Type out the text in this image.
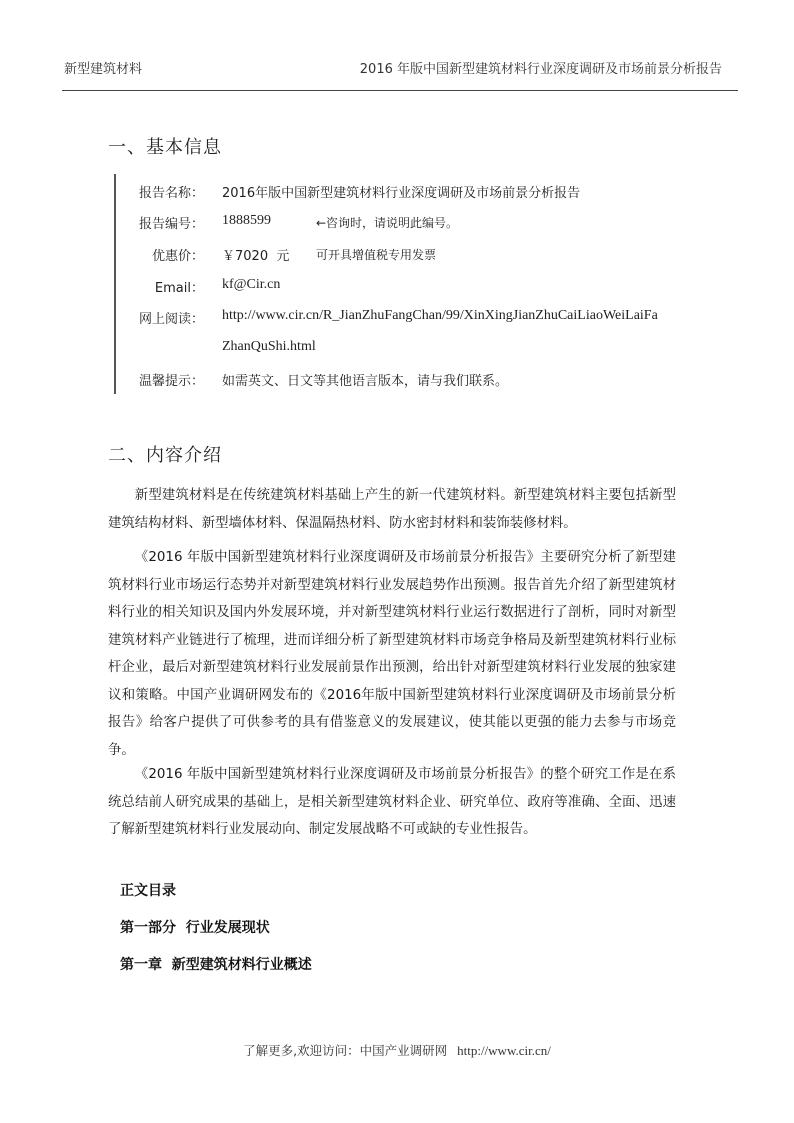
新型建筑材料	2016 年版中国新型建筑材料行业深度调研及市场前景分析报告
一、基本信息
报告名称： 2016年版中国新型建筑材料行业深度调研及市场前景分析报告
报告编号： 1888599	←咨询时，请说明此编号。
优惠价： ￥7020  元 可开具增值税专用发票
Email： kf@Cir.cn
网上阅读： http://www.cir.cn/R_JianZhuFangChan/99/XinXingJianZhuCaiLiaoWeiLaiFa
ZhanQuShi.html
温馨提示： 如需英文、日文等其他语言版本，请与我们联系。
二、内容介绍

新型建筑材料是在传统建筑材料基础上产生的新一代建筑材料。新型建筑材料主要包括新型建筑结构材料、新型墙体材料、保温隔热材料、防水密封材料和装饰装修材料。

《2016 年版中国新型建筑材料行业深度调研及市场前景分析报告》主要研究分析了新型建筑材料行业市场运行态势并对新型建筑材料行业发展趋势作出预测。报告首先介绍了新型建筑材料行业的相关知识及国内外发展环境，并对新型建筑材料行业运行数据进行了剖析，同时对新型建筑材料产业链进行了梳理，进而详细分析了新型建筑材料市场竞争格局及新型建筑材料行业标杆企业，最后对新型建筑材料行业发展前景作出预测，给出针对新型建筑材料行业发展的独家建议和策略。中国产业调研网发布的《2016年版中国新型建筑材料行业深度调研及市场前景分析报告》给客户提供了可供参考的具有借鉴意义的发展建议，使其能以更强的能力去参与市场竞争。

《2016 年版中国新型建筑材料行业深度调研及市场前景分析报告》的整个研究工作是在系统总结前人研究成果的基础上，是相关新型建筑材料企业、研究单位、政府等准确、全面、迅速了解新型建筑材料行业发展动向、制定发展战略不可或缺的专业性报告。

正文目录
第一部分  行业发展现状
第一章  新型建筑材料行业概述
了解更多,欢迎访问：中国产业调研网 http://www.cir.cn/
